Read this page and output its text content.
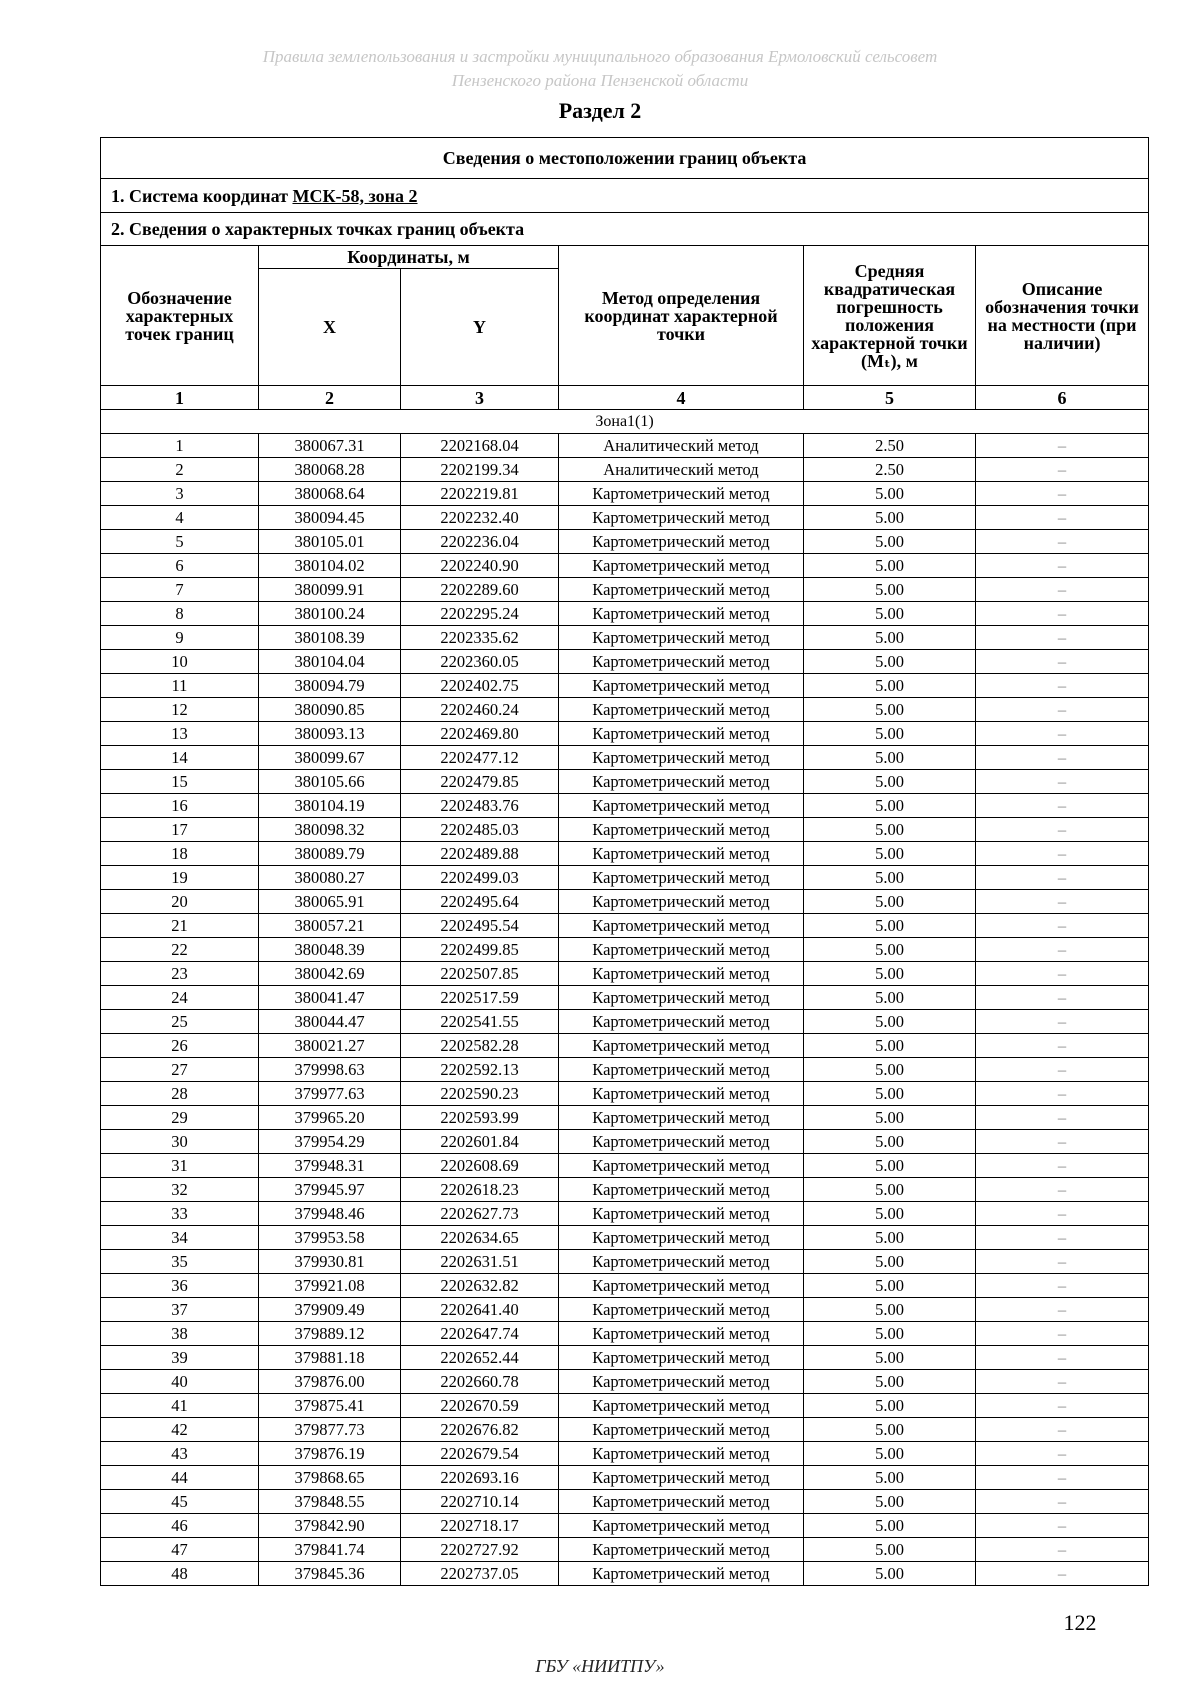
Правила землепользования и застройки муниципального образования Ермоловский сельсовет
Пензенского района Пензенской области
Раздел 2
Сведения о местоположении границ объекта					
1. Система координат МСК-58, зона 2					
2. Сведения о характерных точках границ объекта					
Обозначение характерных точек границ	Координаты, м		Метод определения координат характерной точки	Средняя квадратическая погрешность положения характерной точки (Mₜ), м	Описание обозначения точки на местности (при наличии)
	X	Y			
1	2	3	4	5	6
Зона1(1)					
1	380067.31	2202168.04	Аналитический метод	2.50	–
2	380068.28	2202199.34	Аналитический метод	2.50	–
3	380068.64	2202219.81	Картометрический метод	5.00	–
4	380094.45	2202232.40	Картометрический метод	5.00	–
5	380105.01	2202236.04	Картометрический метод	5.00	–
6	380104.02	2202240.90	Картометрический метод	5.00	–
7	380099.91	2202289.60	Картометрический метод	5.00	–
8	380100.24	2202295.24	Картометрический метод	5.00	–
9	380108.39	2202335.62	Картометрический метод	5.00	–
10	380104.04	2202360.05	Картометрический метод	5.00	–
11	380094.79	2202402.75	Картометрический метод	5.00	–
12	380090.85	2202460.24	Картометрический метод	5.00	–
13	380093.13	2202469.80	Картометрический метод	5.00	–
14	380099.67	2202477.12	Картометрический метод	5.00	–
15	380105.66	2202479.85	Картометрический метод	5.00	–
16	380104.19	2202483.76	Картометрический метод	5.00	–
17	380098.32	2202485.03	Картометрический метод	5.00	–
18	380089.79	2202489.88	Картометрический метод	5.00	–
19	380080.27	2202499.03	Картометрический метод	5.00	–
20	380065.91	2202495.64	Картометрический метод	5.00	–
21	380057.21	2202495.54	Картометрический метод	5.00	–
22	380048.39	2202499.85	Картометрический метод	5.00	–
23	380042.69	2202507.85	Картометрический метод	5.00	–
24	380041.47	2202517.59	Картометрический метод	5.00	–
25	380044.47	2202541.55	Картометрический метод	5.00	–
26	380021.27	2202582.28	Картометрический метод	5.00	–
27	379998.63	2202592.13	Картометрический метод	5.00	–
28	379977.63	2202590.23	Картометрический метод	5.00	–
29	379965.20	2202593.99	Картометрический метод	5.00	–
30	379954.29	2202601.84	Картометрический метод	5.00	–
31	379948.31	2202608.69	Картометрический метод	5.00	–
32	379945.97	2202618.23	Картометрический метод	5.00	–
33	379948.46	2202627.73	Картометрический метод	5.00	–
34	379953.58	2202634.65	Картометрический метод	5.00	–
35	379930.81	2202631.51	Картометрический метод	5.00	–
36	379921.08	2202632.82	Картометрический метод	5.00	–
37	379909.49	2202641.40	Картометрический метод	5.00	–
38	379889.12	2202647.74	Картометрический метод	5.00	–
39	379881.18	2202652.44	Картометрический метод	5.00	–
40	379876.00	2202660.78	Картометрический метод	5.00	–
41	379875.41	2202670.59	Картометрический метод	5.00	–
42	379877.73	2202676.82	Картометрический метод	5.00	–
43	379876.19	2202679.54	Картометрический метод	5.00	–
44	379868.65	2202693.16	Картометрический метод	5.00	–
45	379848.55	2202710.14	Картометрический метод	5.00	–
46	379842.90	2202718.17	Картометрический метод	5.00	–
47	379841.74	2202727.92	Картометрический метод	5.00	–
48	379845.36	2202737.05	Картометрический метод	5.00	–
122
ГБУ «НИИТПУ»
